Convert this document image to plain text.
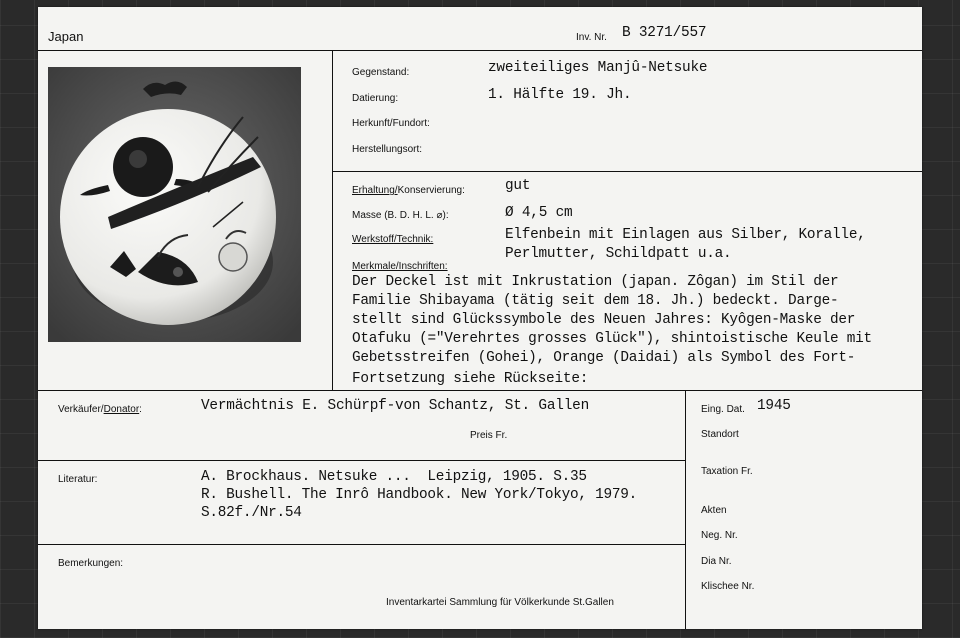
Japan	Inv. Nr. B 3271/557
Gegenstand:	zweiteiliges Manjû-Netsuke
Datierung:	1. Hälfte 19. Jh.
Herkunft/Fundort:
Herstellungsort:
Erhaltung/Konservierung:	gut
Masse (B. D. H. L. ⌀):	Ø 4,5 cm
Werkstoff/Technik:	Elfenbein mit Einlagen aus Silber, Koralle,
Perlmutter, Schildpatt u.a.
Merkmale/Inschriften:
Der Deckel ist mit Inkrustation (japan. Zôgan) im Stil der
Familie Shibayama (tätig seit dem 18. Jh.) bedeckt. Darge-
stellt sind Glückssymbole des Neuen Jahres: Kyôgen-Maske der
Otafuku (="Verehrtes grosses Glück"), shintoistische Keule mit
Gebetsstreifen (Gohei), Orange (Daidai) als Symbol des Fort-
Fortsetzung siehe Rückseite:
Verkäufer/Donator:	Vermächtnis E. Schürpf-von Schantz, St. Gallen
Preis Fr.
Literatur:	A. Brockhaus. Netsuke ...  Leipzig, 1905. S.35
R. Bushell. The Inrô Handbook. New York/Tokyo, 1979.
S.82f./Nr.54
Bemerkungen:
Inventarkartei Sammlung für Völkerkunde St.Gallen
Eing. Dat. 1945
Standort
Taxation Fr.
Akten
Neg. Nr.
Dia Nr.
Klischee Nr.
